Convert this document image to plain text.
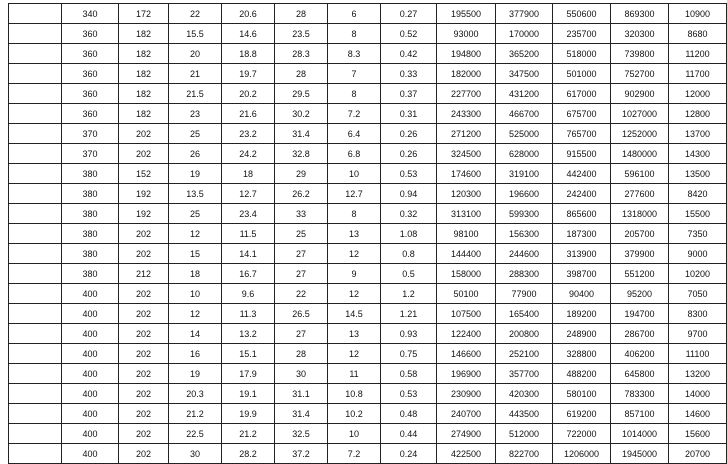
	340	172	22	20.6	28	6	0.27	195500	377900	550600	869300	10900
	360	182	15.5	14.6	23.5	8	0.52	93000	170000	235700	320300	8680
	360	182	20	18.8	28.3	8.3	0.42	194800	365200	518000	739800	11200
	360	182	21	19.7	28	7	0.33	182000	347500	501000	752700	11700
	360	182	21.5	20.2	29.5	8	0.37	227700	431200	617000	902900	12000
	360	182	23	21.6	30.2	7.2	0.31	243300	466700	675700	1027000	12800
	370	202	25	23.2	31.4	6.4	0.26	271200	525000	765700	1252000	13700
	370	202	26	24.2	32.8	6.8	0.26	324500	628000	915500	1480000	14300
	380	152	19	18	29	10	0.53	174600	319100	442400	596100	13500
	380	192	13.5	12.7	26.2	12.7	0.94	120300	196600	242400	277600	8420
	380	192	25	23.4	33	8	0.32	313100	599300	865600	1318000	15500
	380	202	12	11.5	25	13	1.08	98100	156300	187300	205700	7350
	380	202	15	14.1	27	12	0.8	144400	244600	313900	379900	9000
	380	212	18	16.7	27	9	0.5	158000	288300	398700	551200	10200
	400	202	10	9.6	22	12	1.2	50100	77900	90400	95200	7050
	400	202	12	11.3	26.5	14.5	1.21	107500	165400	189200	194700	8300
	400	202	14	13.2	27	13	0.93	122400	200800	248900	286700	9700
	400	202	16	15.1	28	12	0.75	146600	252100	328800	406200	11100
	400	202	19	17.9	30	11	0.58	196900	357700	488200	645800	13200
	400	202	20.3	19.1	31.1	10.8	0.53	230900	420300	580100	783300	14000
	400	202	21.2	19.9	31.4	10.2	0.48	240700	443500	619200	857100	14600
	400	202	22.5	21.2	32.5	10	0.44	274900	512000	722000	1014000	15600
	400	202	30	28.2	37.2	7.2	0.24	422500	822700	1206000	1945000	20700
